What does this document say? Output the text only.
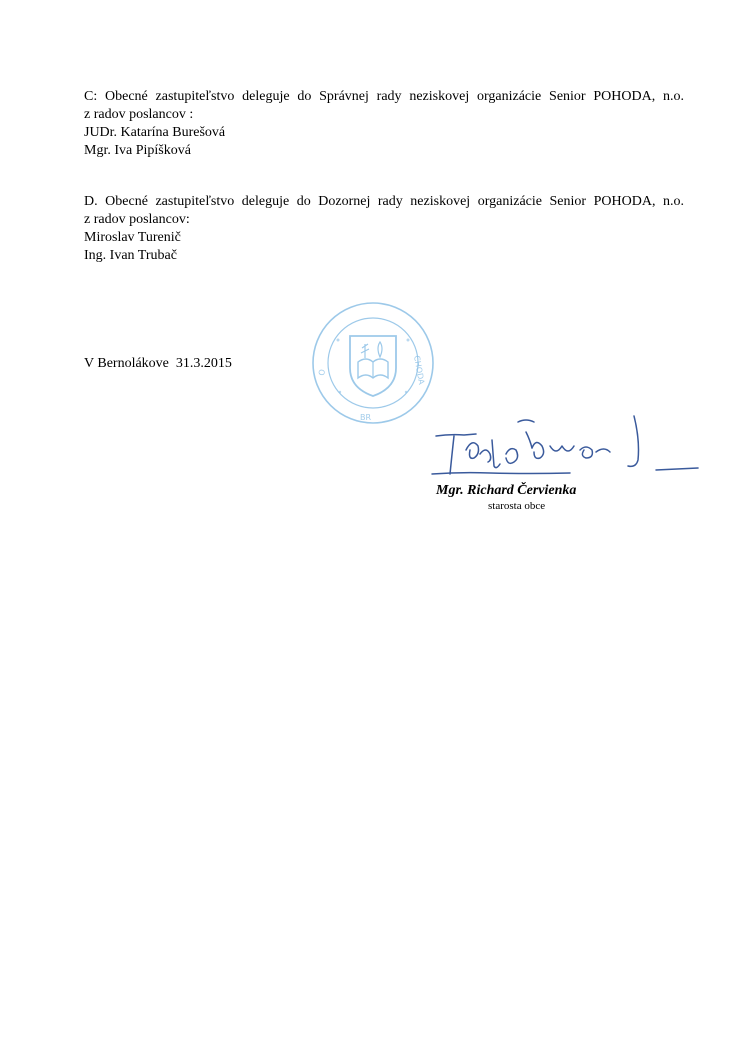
C: Obecné zastupiteľstvo deleguje do Správnej rady neziskovej organizácie Senior POHODA, n.o.

z radov poslancov :

JUDr. Katarína Burešová

Mgr. Iva Pipíšková

D. Obecné zastupiteľstvo deleguje do Dozornej rady neziskovej organizácie Senior POHODA, n.o.

z radov poslancov:

Miroslav Turenič

Ing. Ivan Trubač

V Bernolákove  31.3.2015	CHODA
O
BR
Mgr. Richard Červienka
starosta obce
